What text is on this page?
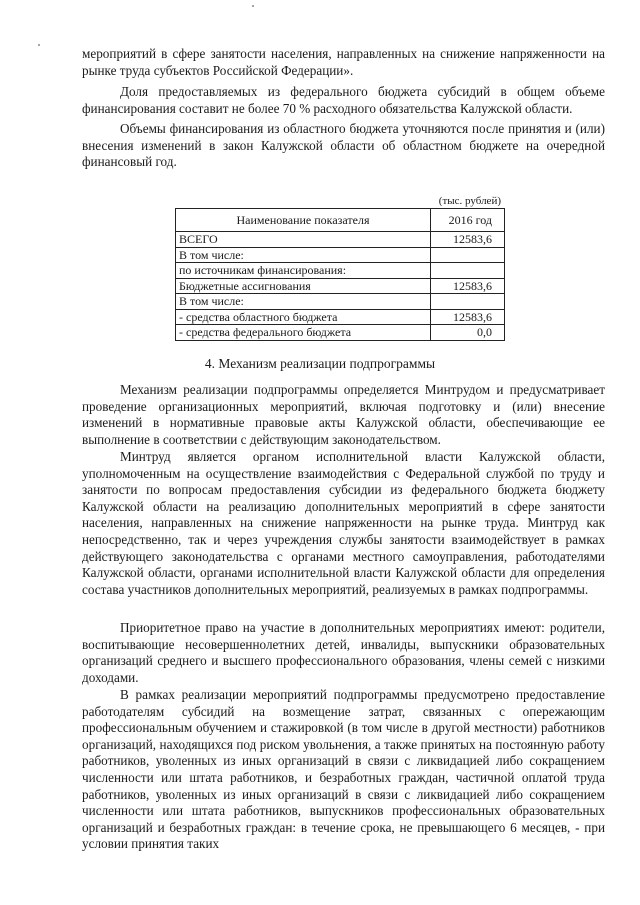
мероприятий в сфере занятости населения, направленных на снижение напряженности на рынке труда субъектов Российской Федерации».

Доля предоставляемых из федерального бюджета субсидий в общем объеме финансирования составит не более 70 % расходного обязательства Калужской области.

Объемы финансирования из областного бюджета уточняются после принятия и (или) внесения изменений в закон Калужской области об областном бюджете на очередной финансовый год.

(тыс. рублей)
Наименование показателя	2016 год
ВСЕГО	12583,6
В том числе:	
по источникам финансирования:	
Бюджетные ассигнования	12583,6
В том числе:	
- средства областного бюджета	12583,6
- средства федерального бюджета	0,0
4. Механизм реализации подпрограммы

Механизм реализации подпрограммы определяется Минтрудом и предусматривает проведение организационных мероприятий, включая подготовку и (или) внесение изменений в нормативные правовые акты Калужской области, обеспечивающие ее выполнение в соответствии с действующим законодательством.

Минтруд является органом исполнительной власти Калужской области, уполномоченным на осуществление взаимодействия с Федеральной службой по труду и занятости по вопросам предоставления субсидии из федерального бюджета бюджету Калужской области на реализацию дополнительных мероприятий в сфере занятости населения, направленных на снижение напряженности на рынке труда. Минтруд как непосредственно, так и через учреждения службы занятости взаимодействует в рамках действующего законодательства с органами местного самоуправления, работодателями Калужской области, органами исполнительной власти Калужской области для определения состава участников дополнительных мероприятий, реализуемых в рамках подпрограммы.

Приоритетное право на участие в дополнительных мероприятиях имеют: родители, воспитывающие несовершеннолетних детей, инвалиды, выпускники образовательных организаций среднего и высшего профессионального образования, члены семей с низкими доходами.

В рамках реализации мероприятий подпрограммы предусмотрено предоставление работодателям субсидий на возмещение затрат, связанных с опережающим профессиональным обучением и стажировкой (в том числе в другой местности) работников организаций, находящихся под риском увольнения, а также принятых на постоянную работу работников, уволенных из иных организаций в связи с ликвидацией либо сокращением численности или штата работников, и безработных граждан, частичной оплатой труда работников, уволенных из иных организаций в связи с ликвидацией либо сокращением численности или штата работников, выпускников профессиональных образовательных организаций и безработных граждан: в течение срока, не превышающего 6 месяцев, - при условии принятия таких
